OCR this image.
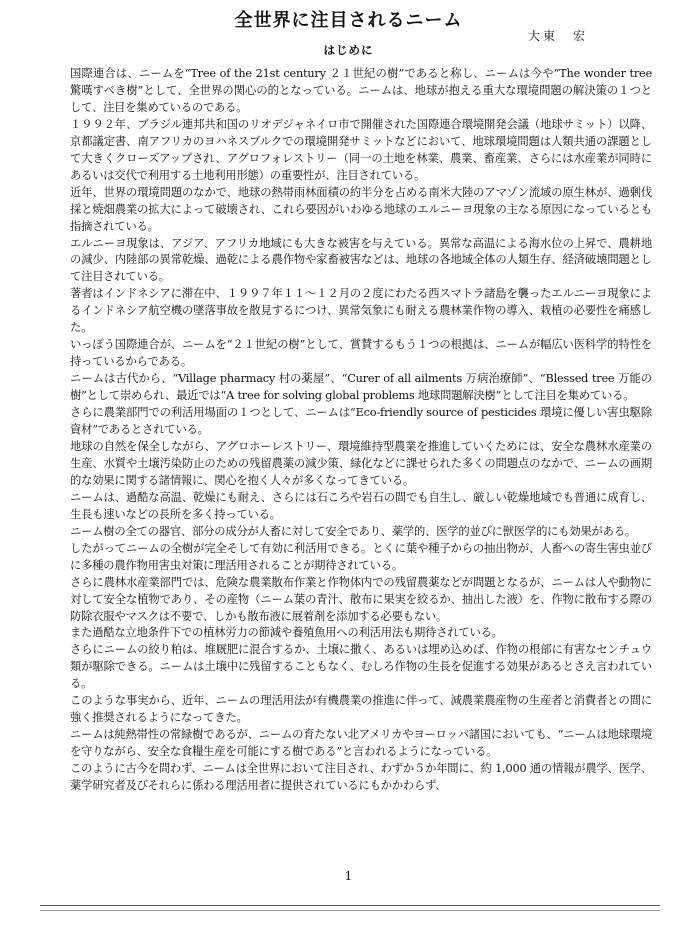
全世界に注目されるニーム
大東　宏
はじめに

国際連合は、ニームを“Tree of the 21st century ２１世紀の樹”であると称し、ニームは今や“The wonder tree 驚嘆すべき樹”として、全世界の関心の的となっている。ニームは、地球が抱える重大な環境問題の解決策の１つとして、注目を集めているのである。

１９９２年、ブラジル連邦共和国のリオデジャネイロ市で開催された国際連合環境開発会議（地球サミット）以降、京都議定書、南アフリカのヨハネスブルクでの環境開発サミットなどにおいて、地球環境問題は人類共通の課題として大きくクローズアップされ、アグロフォレストリー（同一の土地を林業、農業、畜産業、さらには水産業が同時にあるいは交代で利用する土地利用形態）の重要性が、注目されている。

近年、世界の環境問題のなかで、地球の熱帯雨林面積の約半分を占める南米大陸のアマゾン流域の原生林が、過剰伐採と焼畑農業の拡大によって破壊され、これら要因がいわゆる地球のエルニーヨ現象の主なる原因になっているとも指摘されている。

エルニーヨ現象は、アジア、アフリカ地域にも大きな被害を与えている。異常な高温による海水位の上昇で、農耕地の減少、内陸部の異常乾燥、過乾による農作物や家畜被害などは、地球の各地域全体の人類生存、経済破壊問題として注目されている。

著者はインドネシアに滞在中、１９９７年１１～１２月の２度にわたる西スマトラ諸島を襲ったエルニーヨ現象によるインドネシア航空機の墜落事故を散見するにつけ、異常気象にも耐える農林業作物の導入、栽植の必要性を痛感した。

いっぽう国際連合が、ニームを“２１世紀の樹”として、賞賛するもう１つの根拠は、ニームが幅広い医科学的特性を持っているからである。

ニームは古代から、“Village pharmacy 村の薬屋”、“Curer of all ailments 万病治療師”、“Blessed tree 万能の樹”として崇められ、最近では“A tree for solving global problems 地球問題解決樹”として注目を集めている。

さらに農業部門での利活用場面の１つとして、ニームは“Eco-friendly source of pesticides 環境に優しい害虫駆除資材”であるとされている。

地球の自然を保全しながら、アグロホーレストリー、環境維持型農業を推進していくためには、安全な農林水産業の生産、水質や土壌汚染防止のための残留農薬の減少策、緑化などに課せられた多くの問題点のなかで、ニームの画期的な効果に関する諸情報に、関心を抱く人々が多くなってきている。

ニームは、過酷な高温、乾燥にも耐え、さらには石ころや岩石の間でも自生し、厳しい乾燥地域でも普通に成育し、生長も速いなどの長所を多く持っている。

ニーム樹の全ての器官、部分の成分が人畜に対して安全であり、薬学的、医学的並びに獣医学的にも効果がある。

したがってニームの全樹が完全そして有効に利活用できる。とくに葉や種子からの抽出物が、人畜への寄生害虫並びに多種の農作物用害虫対策に理活用されることが期待されている。

さらに農林水産業部門では、危険な農業散布作業と作物体内での残留農薬などが問題となるが、ニームは人や動物に対して安全な植物であり、その産物（ニーム葉の青汁、散布に果実を絞るか、抽出した液）を、作物に散布する際の防除衣服やマスクは不要で、しかも散布液に展着剤を添加する必要もない。

また過酷な立地条件下での植林労力の節減や養殖魚用への利活用法も期待されている。

さらにニームの絞り粕は、堆厩肥に混合するか、土壌に撒く、あるいは埋め込めば、作物の根部に有害なセンチュウ類が駆除できる。ニームは土壌中に残留することもなく、むしろ作物の生長を促進する効果があるとさえ言われている。

このような事実から、近年、ニームの理活用法が有機農業の推進に伴って、減農業農産物の生産者と消費者との間に強く推奨されるようになってきた。

ニームは純熱帯性の常緑樹であるが、ニームの育たない北アメリカやヨーロッパ諸国においても、“ニームは地球環境を守りながら、安全な食糧生産を可能にする樹である”と言われるようになっている。

このように古今を問わず、ニームは全世界において注目され、わずか５か年間に、約 1,000 通の情報が農学、医学、薬学研究者及びそれらに係わる理活用者に提供されているにもかかわらず、

1
